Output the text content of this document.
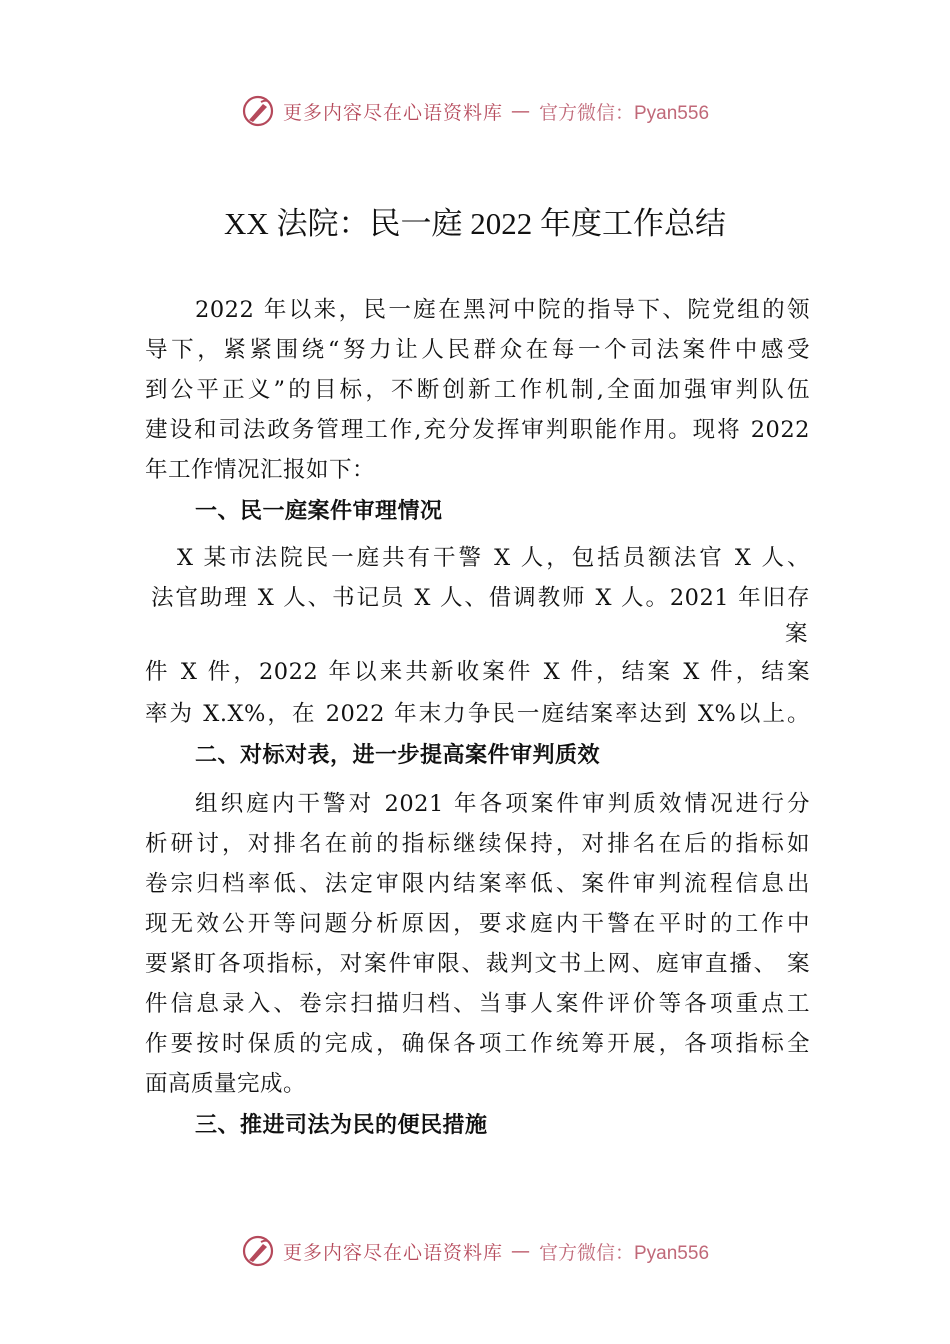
更多内容尽在心语资料库 — 官方微信：Pyan556
XX 法院：民一庭 2022 年度工作总结
2022 年以来，民一庭在黑河中院的指导下、院党组的领
导下，紧紧围绕“努力让人民群众在每一个司法案件中感受
到公平正义”的目标，不断创新工作机制,全面加强审判队伍
建设和司法政务管理工作,充分发挥审判职能作用。现将 2022
年工作情况汇报如下：
一、民一庭案件审理情况
X 某市法院民一庭共有干警 X 人，包括员额法官 X 人、
法官助理 X 人、书记员 X 人、借调教师 X 人。2021 年旧存
案
件 X 件，2022 年以来共新收案件 X 件，结案 X 件，结案
率为 X.X%，在 2022 年末力争民一庭结案率达到 X%以上。
二、对标对表，进一步提高案件审判质效
组织庭内干警对 2021 年各项案件审判质效情况进行分
析研讨，对排名在前的指标继续保持，对排名在后的指标如
卷宗归档率低、法定审限内结案率低、案件审判流程信息出
现无效公开等问题分析原因，要求庭内干警在平时的工作中
要紧盯各项指标，对案件审限、裁判文书上网、庭审直播、 案
件信息录入、卷宗扫描归档、当事人案件评价等各项重点工
作要按时保质的完成，确保各项工作统筹开展，各项指标全
面高质量完成。
三、推进司法为民的便民措施
更多内容尽在心语资料库 — 官方微信：Pyan556
